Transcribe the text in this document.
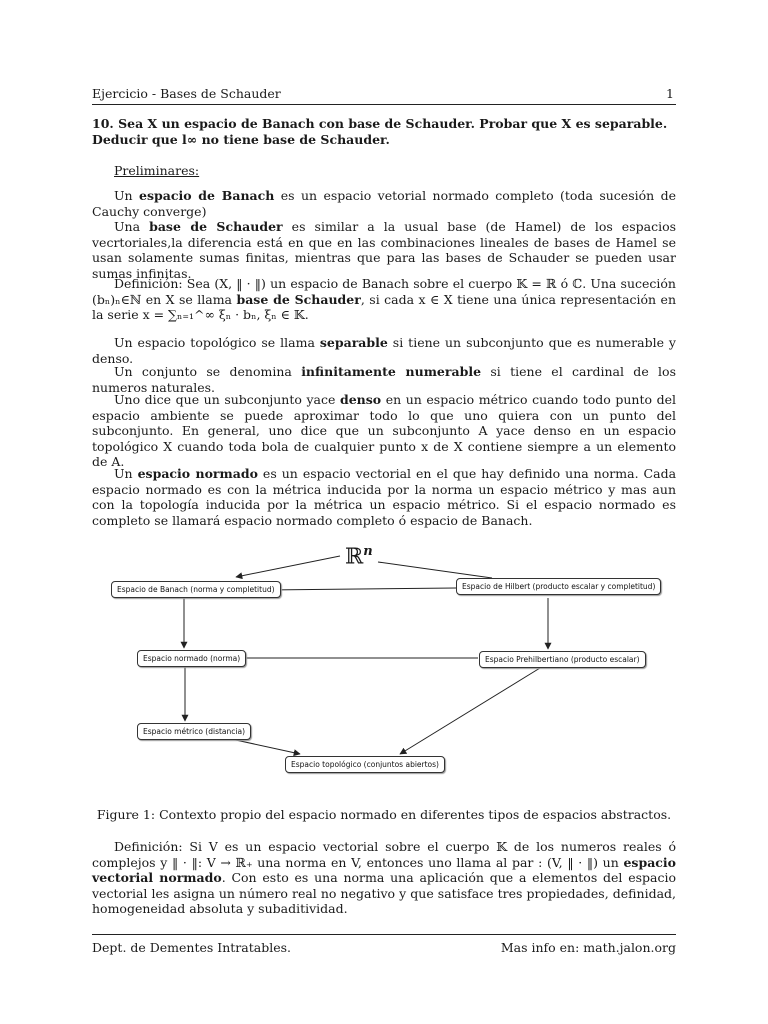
Ejercicio - Bases de Schauder	1
10. Sea X un espacio de Banach con base de Schauder. Probar que X es separable.
Deducir que l∞ no tiene base de Schauder.
Preliminares:
Un espacio de Banach es un espacio vetorial normado completo (toda sucesión de Cauchy converge)
Una base de Schauder es similar a la usual base (de Hamel) de los espacios vecrtoriales,la diferencia está en que en las combinaciones lineales de bases de Hamel se usan solamente sumas finitas, mientras que para las bases de Schauder se pueden usar sumas infinitas.
Definición: Sea (X, ‖ · ‖) un espacio de Banach sobre el cuerpo 𝕂 = ℝ ó ℂ. Una suceción (bₙ)ₙ∈ℕ en X se llama base de Schauder, si cada x ∈ X tiene una única representación en la serie x = ∑ₙ₌₁^∞ ξₙ · bₙ, ξₙ ∈ 𝕂.
Un espacio topológico se llama separable si tiene un subconjunto que es numerable y denso.
Un conjunto se denomina infinitamente numerable si tiene el cardinal de los numeros naturales.
Uno dice que un subconjunto yace denso en un espacio métrico cuando todo punto del espacio ambiente se puede aproximar todo lo que uno quiera con un punto del subconjunto. En general, uno dice que un subconjunto A yace denso en un espacio topológico X cuando toda bola de cualquier punto x de X contiene siempre a un elemento de A.
Un espacio normado es un espacio vectorial en el que hay definido una norma. Cada espacio normado es con la métrica inducida por la norma un espacio métrico y mas aun con la topología inducida por la métrica un espacio métrico. Si el espacio normado es completo se llamará espacio normado completo ó espacio de Banach.
ℝ$^n$
Espacio de Banach (norma y completitud)	Espacio de Hilbert (producto escalar y completitud)
Espacio normado (norma)	Espacio Prehilbertiano (producto escalar)
Espacio métrico (distancia)
Espacio topológico (conjuntos abiertos)
Figure 1: Contexto propio del espacio normado en diferentes tipos de espacios abstractos.
Definición: Si V es un espacio vectorial sobre el cuerpo 𝕂 de los numeros reales ó complejos y ‖ · ‖: V → ℝ₊ una norma en V, entonces uno llama al par : (V, ‖ · ‖) un espacio vectorial normado. Con esto es una norma una aplicación que a elementos del espacio vectorial les asigna un número real no negativo y que satisface tres propiedades, definidad, homogeneidad absoluta y subaditividad.
Dept. de Dementes Intratables.	Mas info en: math.jalon.org
